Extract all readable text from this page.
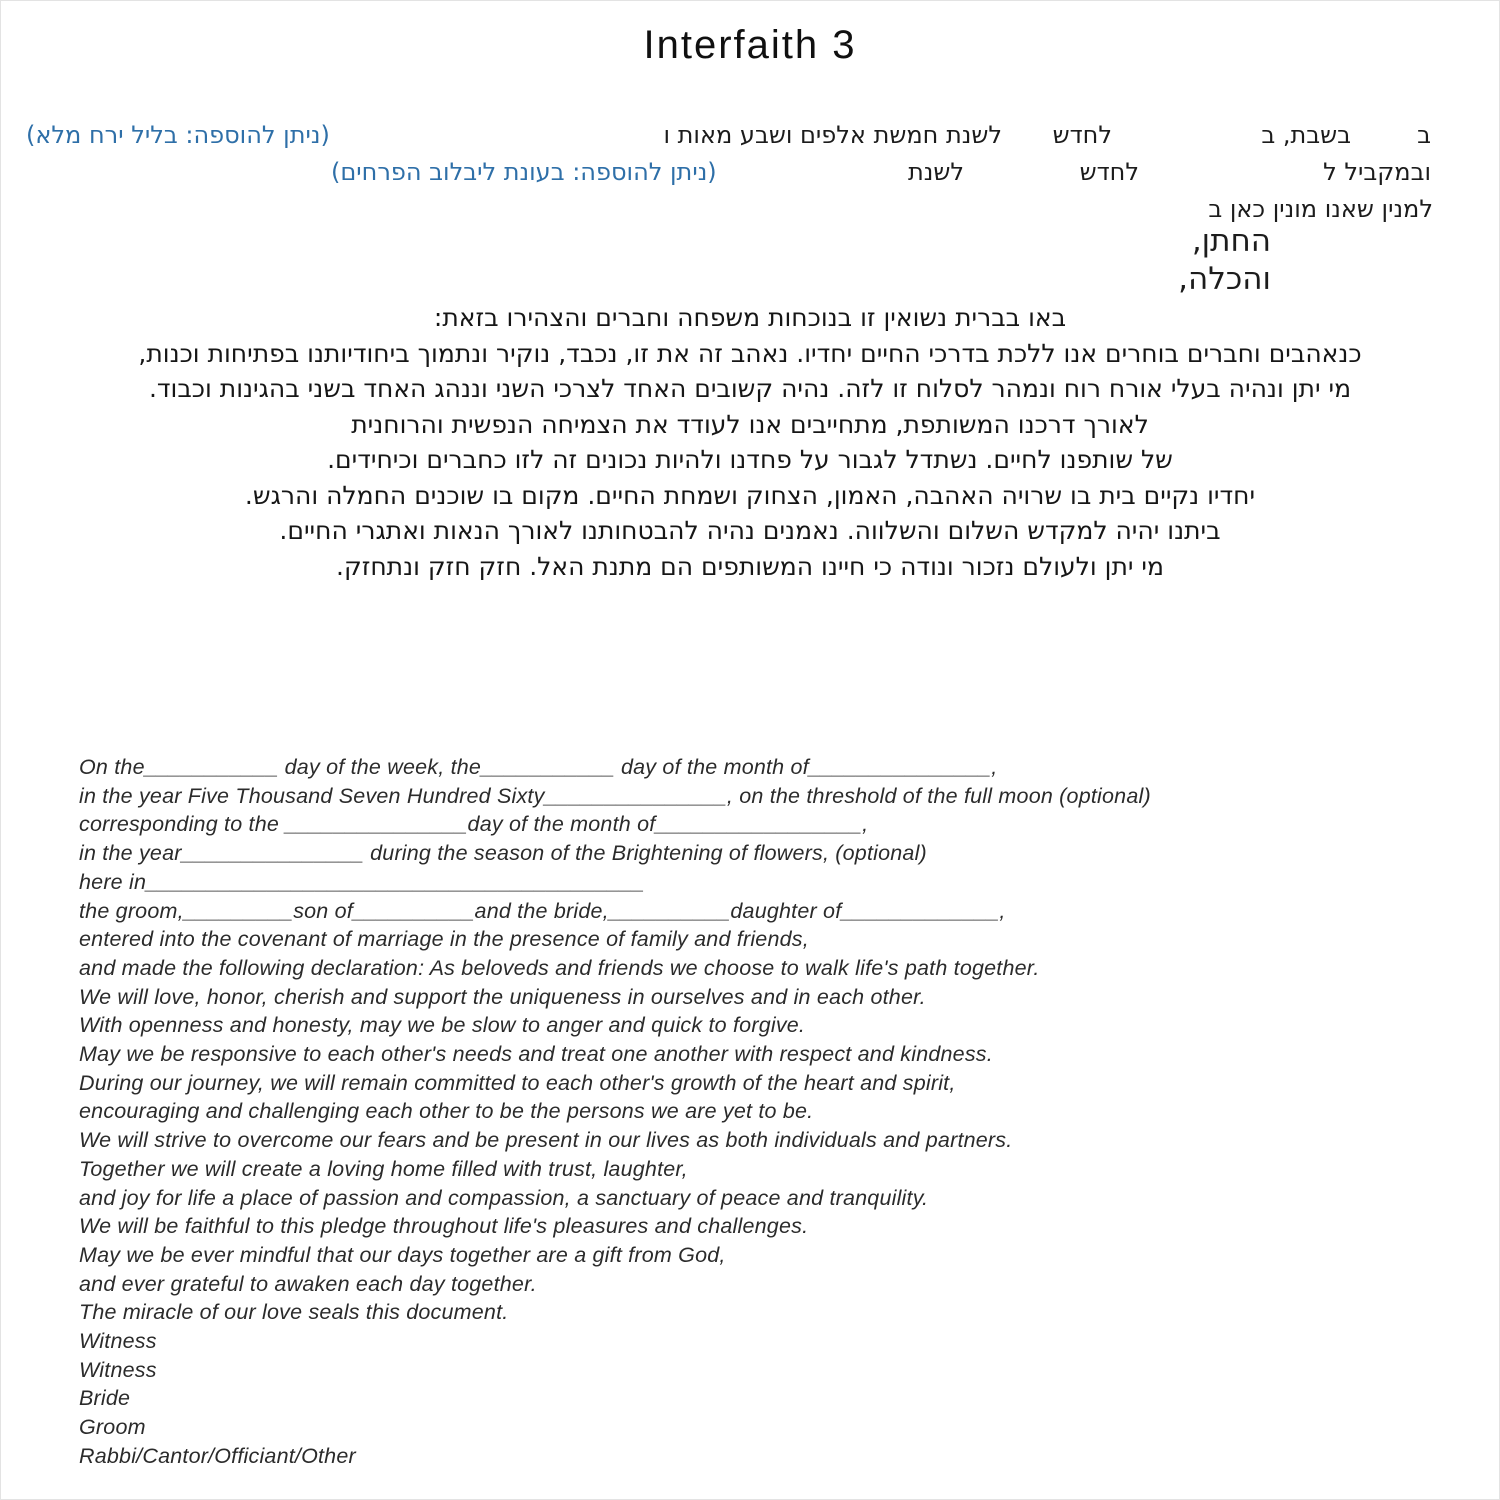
Interfaith 3
ב
בשבת, ב
לחדש
לשנת חמשת אלפים ושבע מאות ו
(ניתן להוספה: בליל ירח מלא)
ובמקביל ל
לחדש
לשנת
(ניתן להוספה: בעונת ליבלוב הפרחים)
למנין שאנו מונין כאן ב
החתן,
והכלה,
באו בברית נשואין זו בנוכחות משפחה וחברים והצהירו בזאת:
כנאהבים וחברים בוחרים אנו ללכת בדרכי החיים יחדיו. נאהב זה את זו, נכבד, נוקיר ונתמוך ביחודיותנו בפתיחות וכנות,
מי יתן ונהיה בעלי אורח רוח ונמהר לסלוח זו לזה. נהיה קשובים האחד לצרכי השני וננהג האחד בשני בהגינות וכבוד.
לאורך דרכנו המשותפת, מתחייבים אנו לעודד את הצמיחה הנפשית והרוחנית
של שותפנו לחיים. נשתדל לגבור על פחדנו ולהיות נכונים זה לזו כחברים וכיחידים.
יחדיו נקיים בית בו שרויה האהבה, האמון, הצחוק ושמחת החיים. מקום בו שוכנים החמלה והרגש.
ביתנו יהיה למקדש השלום והשלווה. נאמנים נהיה להבטחותנו לאורך הנאות ואתגרי החיים.
מי יתן ולעולם נזכור ונודה כי חיינו המשותפים הם מתנת האל. חזק חזק ונתחזק.
On the___________ day of the week, the___________ day of the month of_______________,
in the year Five Thousand Seven Hundred Sixty_______________, on the threshold of the full moon (optional)
corresponding to the _______________day of the month of_________________,
in the year_______________ during the season of the Brightening of flowers, (optional)
here in_________________________________________
the groom,_________son of__________and the bride,__________daughter of_____________,
entered into the covenant of marriage in the presence of family and friends,
and made the following declaration: As beloveds and friends we choose to walk life's path together.
We will love, honor, cherish and support the uniqueness in ourselves and in each other.
With openness and honesty, may we be slow to anger and quick to forgive.
May we be responsive to each other's needs and treat one another with respect and kindness.
During our journey, we will remain committed to each other's growth of the heart and spirit,
encouraging and challenging each other to be the persons we are yet to be.
We will strive to overcome our fears and be present in our lives as both individuals and partners.
Together we will create a loving home filled with trust, laughter,
and joy for life a place of passion and compassion, a sanctuary of peace and tranquility.
We will be faithful to this pledge throughout life's pleasures and challenges.
May we be ever mindful that our days together are a gift from God,
and ever grateful to awaken each day together.
The miracle of our love seals this document.
Witness
Witness
Bride
Groom
Rabbi/Cantor/Officiant/Other
